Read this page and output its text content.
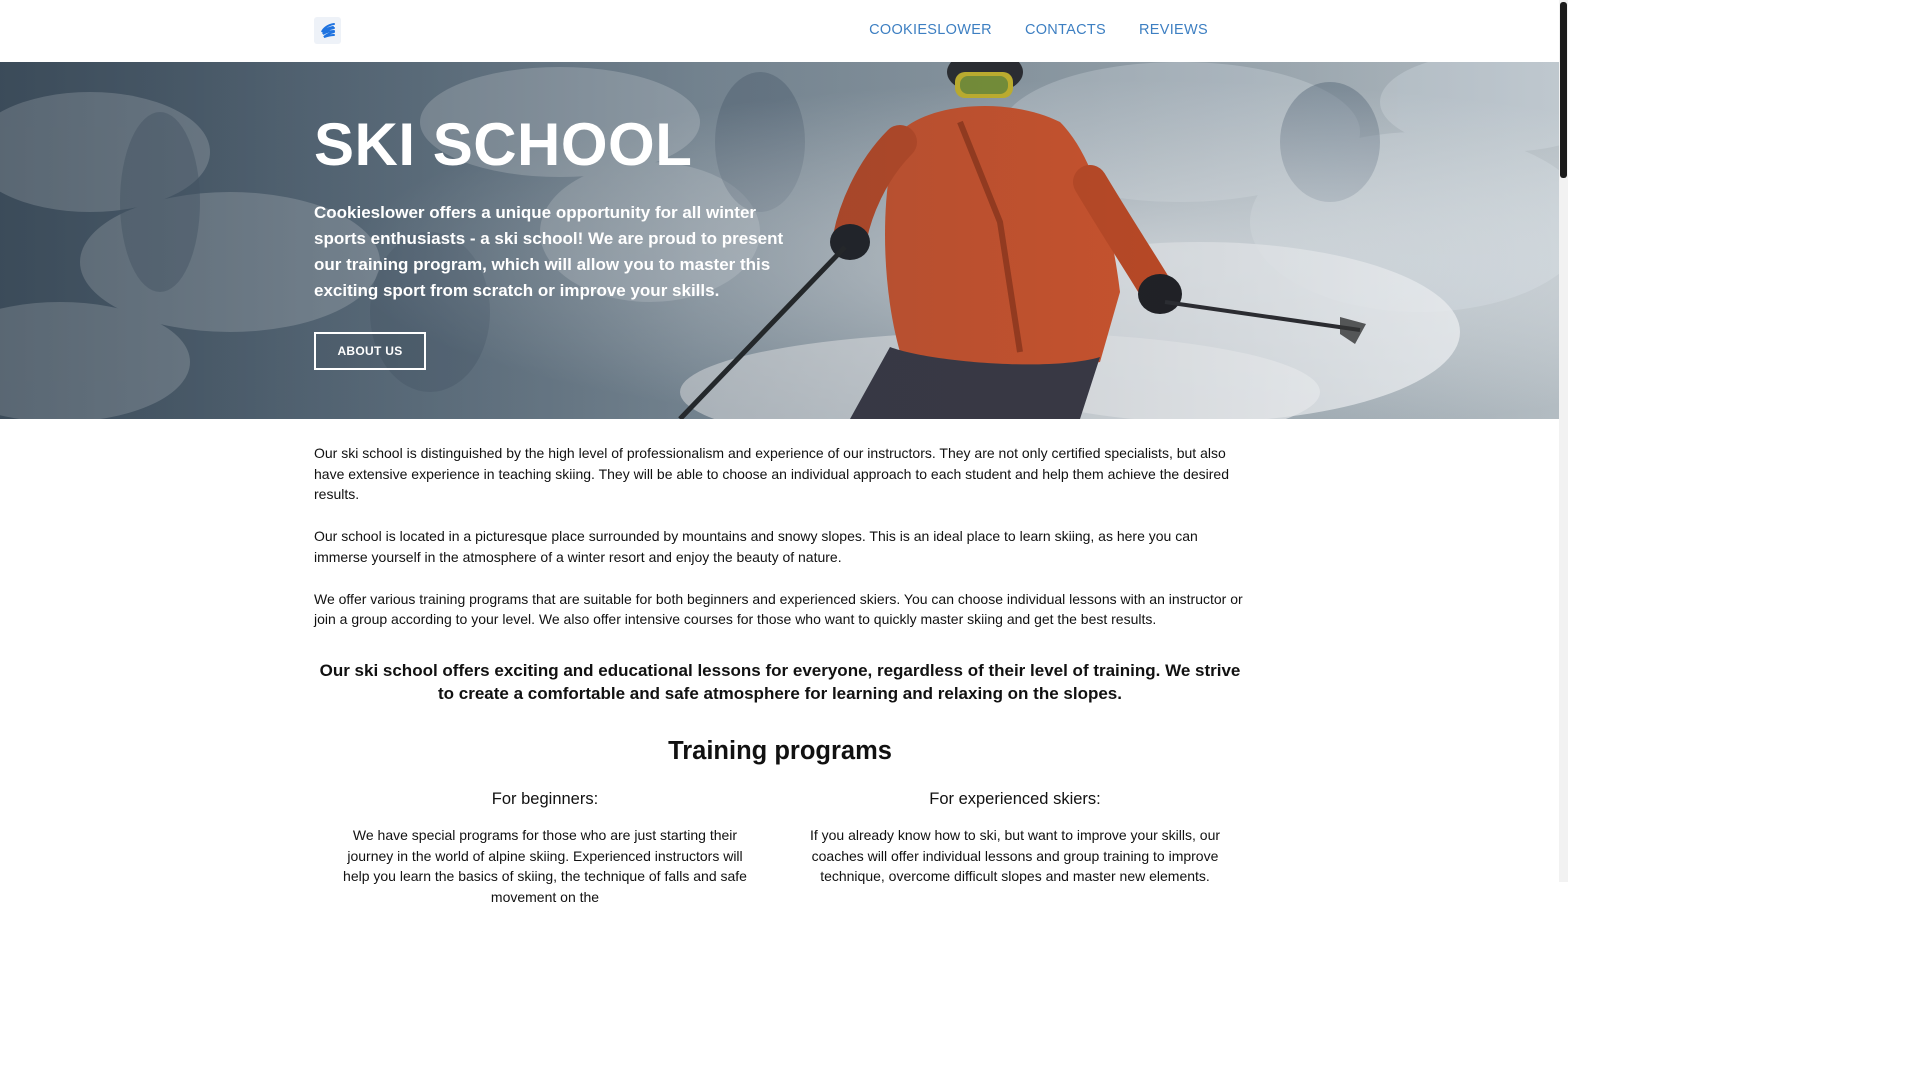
COOKIESLOWER CONTACTS REVIEWS
SKI SCHOOL

Cookieslower offers a unique opportunity for all winter sports enthusiasts - a ski school! We are proud to present our training program, which will allow you to master this exciting sport from scratch or improve your skills.

ABOUT US

Our ski school is distinguished by the high level of professionalism and experience of our instructors. They are not only certified specialists, but also have extensive experience in teaching skiing. They will be able to choose an individual approach to each student and help them achieve the desired results.

Our school is located in a picturesque place surrounded by mountains and snowy slopes. This is an ideal place to learn skiing, as here you can immerse yourself in the atmosphere of a winter resort and enjoy the beauty of nature.

We offer various training programs that are suitable for both beginners and experienced skiers. You can choose individual lessons with an instructor or join a group according to your level. We also offer intensive courses for those who want to quickly master skiing and get the best results.

Our ski school offers exciting and educational lessons for everyone, regardless of their level of training. We strive to create a comfortable and safe atmosphere for learning and relaxing on the slopes.
Training programs
For beginners:

We have special programs for those who are just starting their journey in the world of alpine skiing. Experienced instructors will help you learn the basics of skiing, the technique of falls and safe movement on the

For experienced skiers:

If you already know how to ski, but want to improve your skills, our coaches will offer individual lessons and group training to improve technique, overcome difficult slopes and master new elements.
